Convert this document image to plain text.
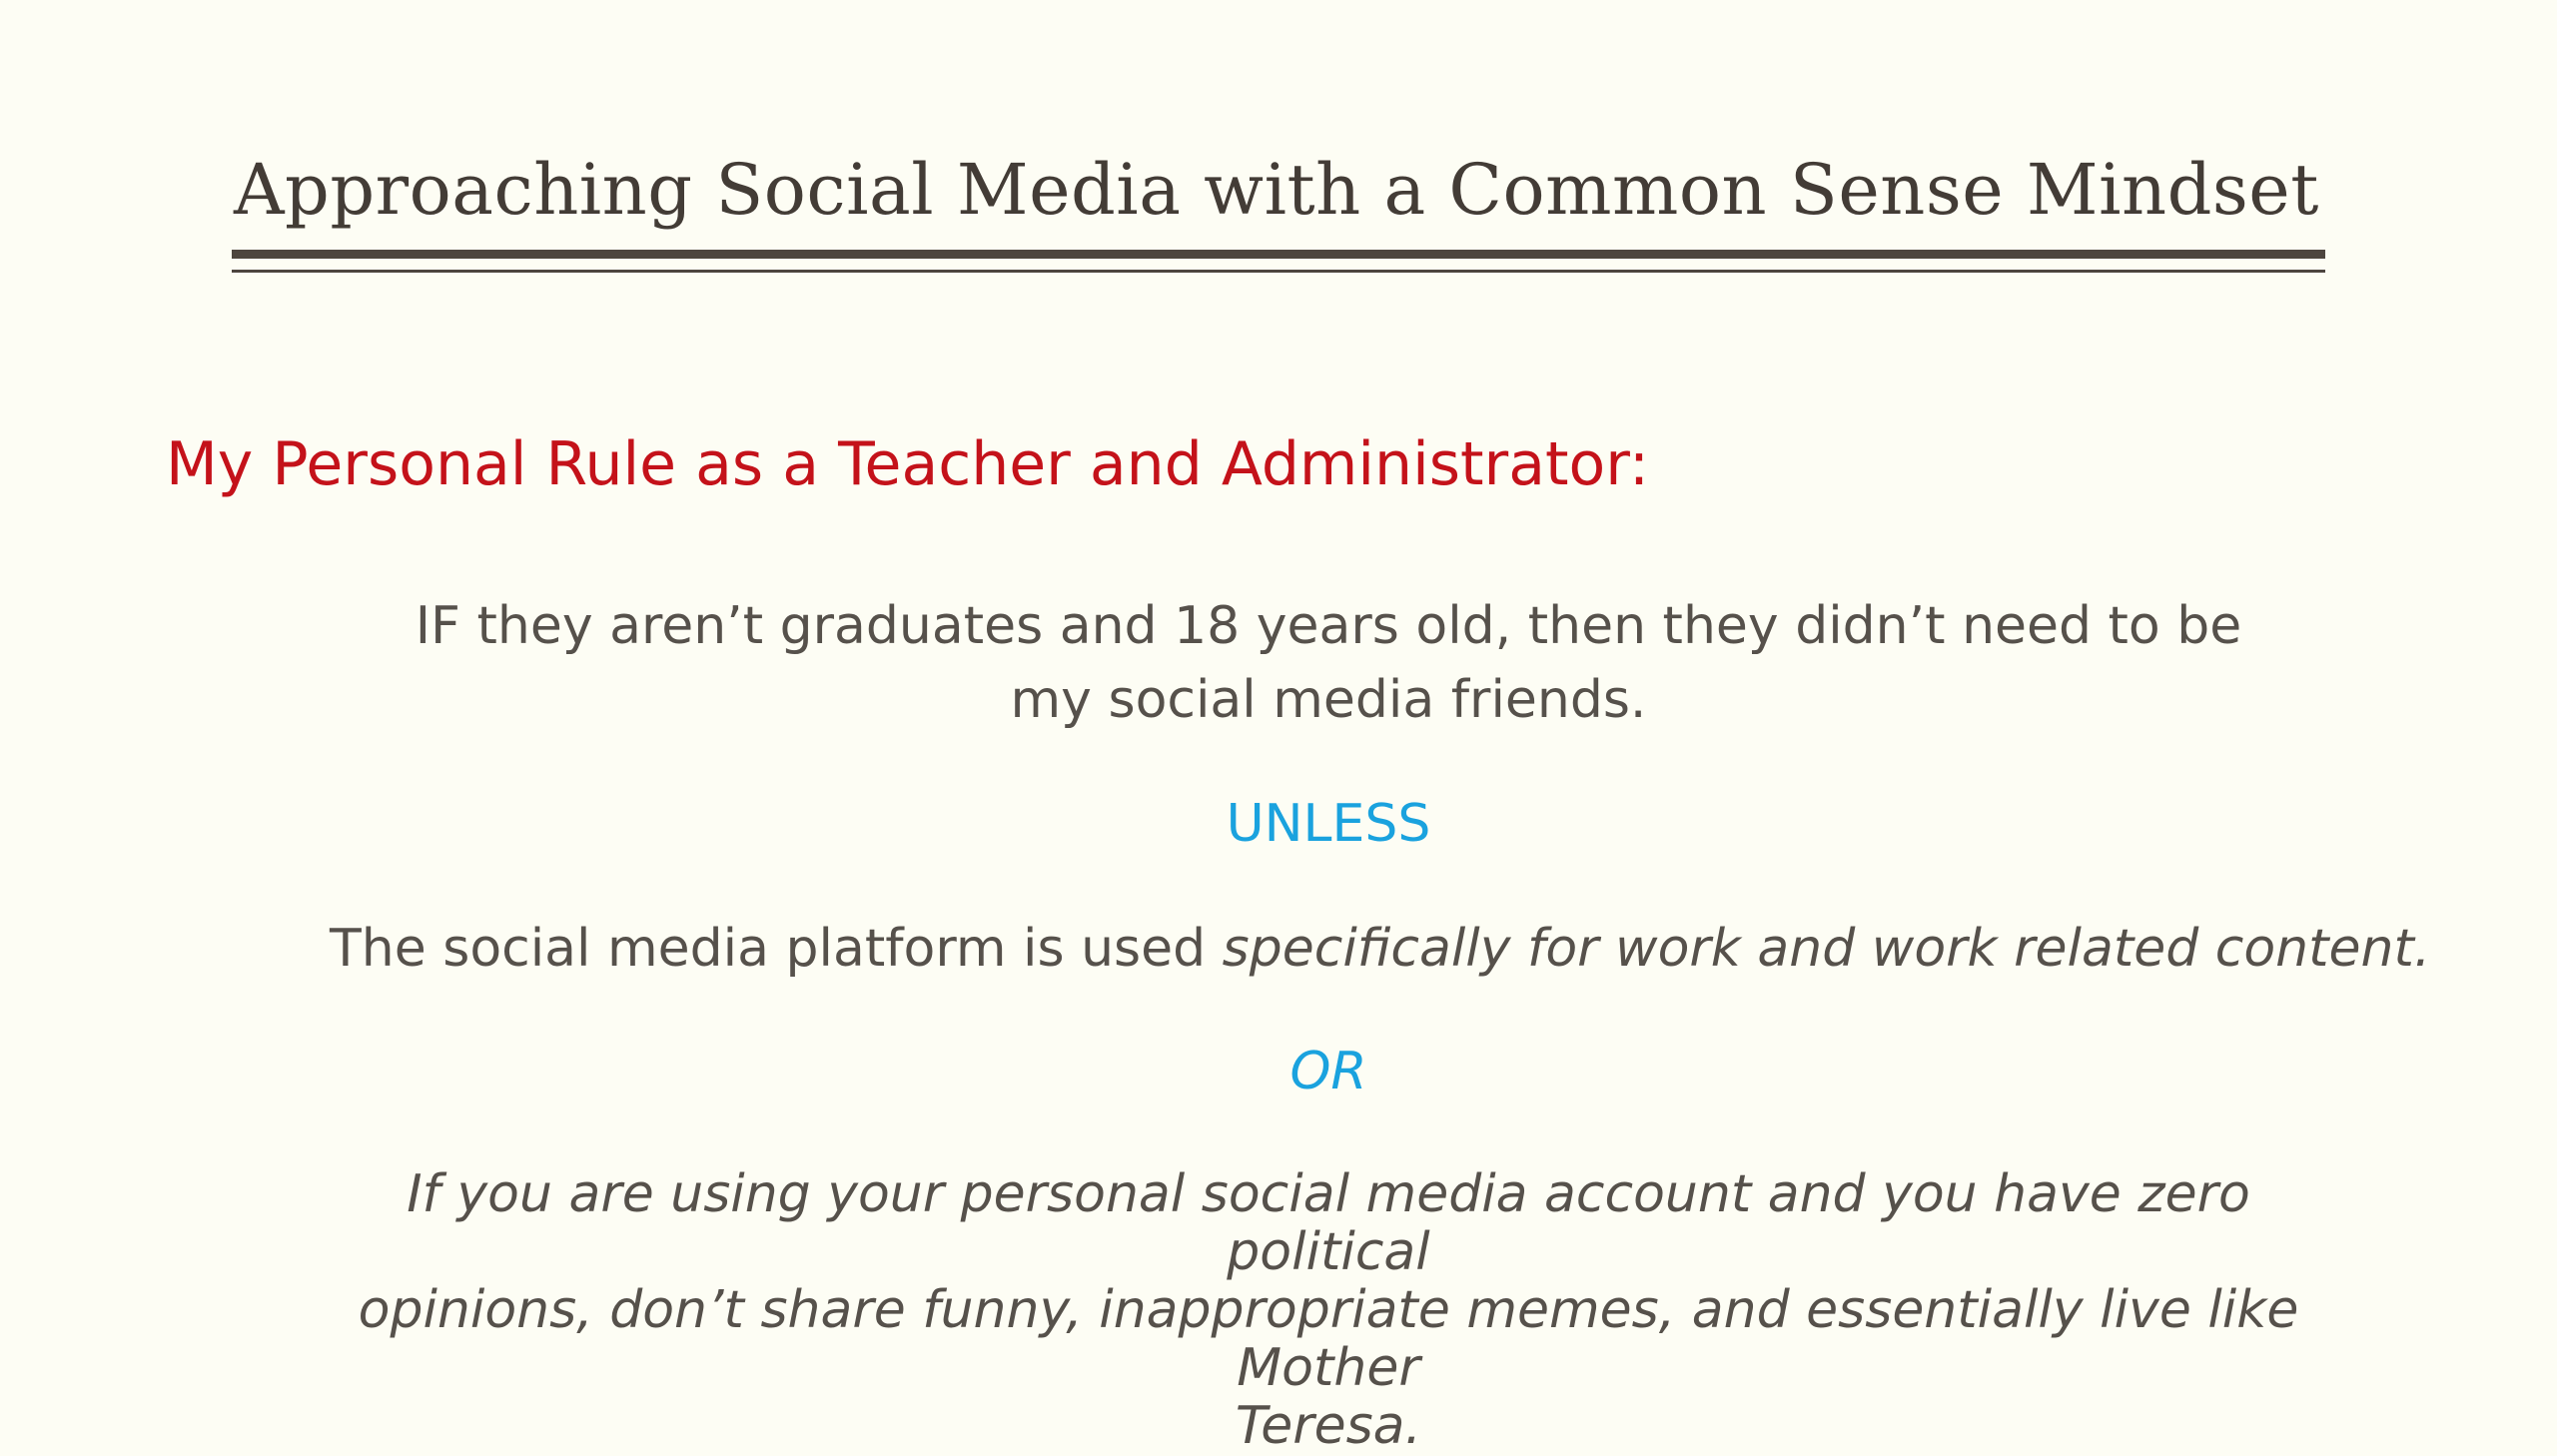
Approaching Social Media with a Common Sense Mindset
My Personal Rule as a Teacher and Administrator:
IF they aren’t graduates and 18 years old, then they didn’t need to be
my social media friends.
UNLESS
The social media platform is used specifically for work and work related content.
OR
If you are using your personal social media account and you have zero political
opinions, don’t share funny, inappropriate memes, and essentially live like Mother
Teresa.
